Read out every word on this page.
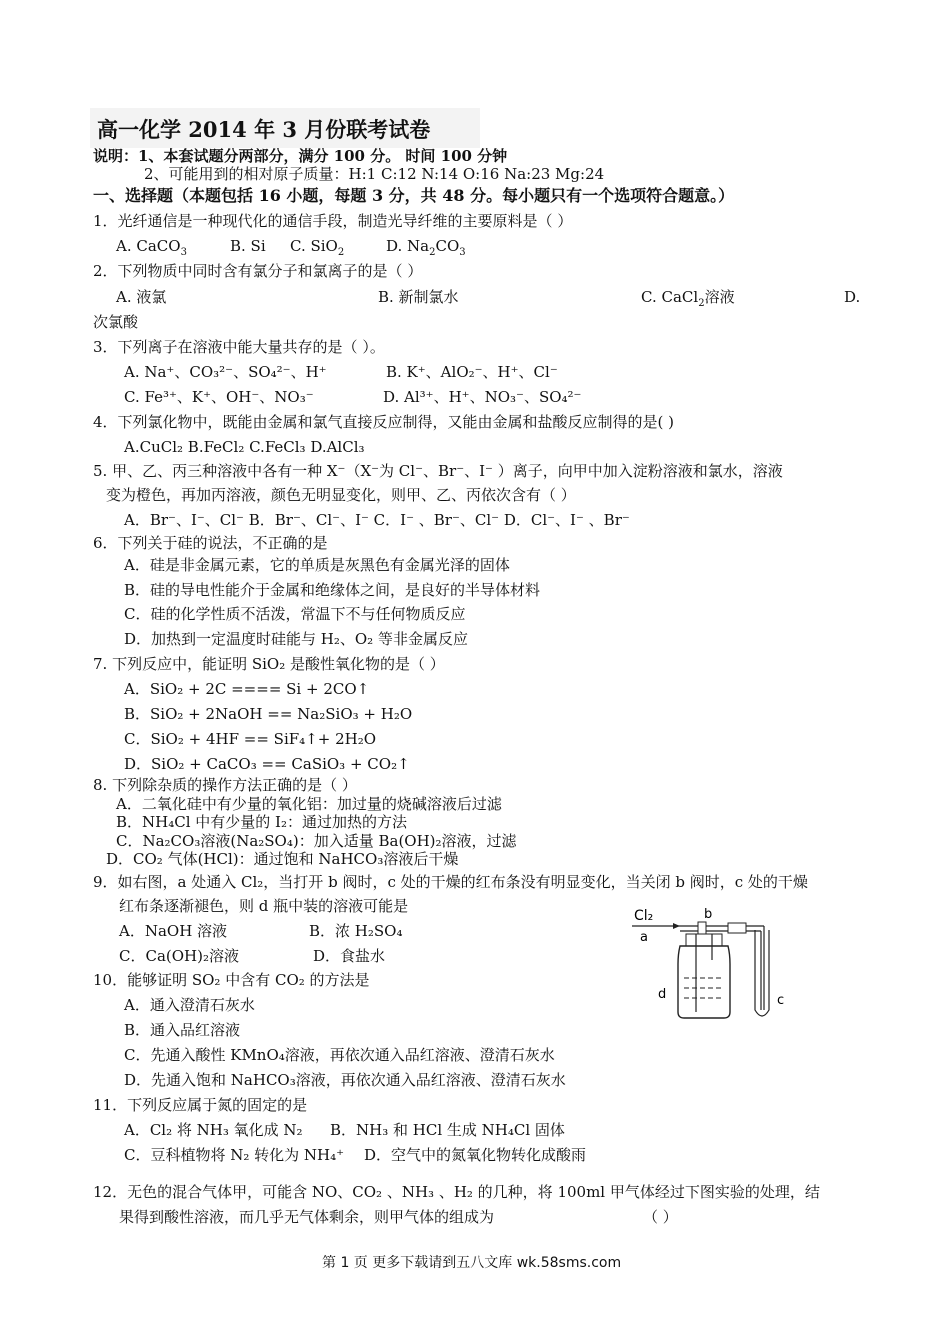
高一化学 2014 年 3 月份联考试卷
说明：1、本套试题分两部分，满分 100 分。 时间 100 分钟
2、可能用到的相对原子质量：H:1 C:12 N:14 O:16 Na:23 Mg:24
一、选择题（本题包括 16 小题，每题 3 分，共 48 分。每小题只有一个选项符合题意。）
1．光纤通信是一种现代化的通信手段，制造光导纤维的主要原料是（ ）
A. CaCO$_3$	B. Si C. SiO$_2$	D. $Na_2CO_3$
2．下列物质中同时含有氯分子和氯离子的是（ ）
A. 液氯	B. 新制氯水	C. CaCl$_2$溶液	D.
次氯酸
3．下列离子在溶液中能大量共存的是（ ）。
A. Na⁺、CO₃²⁻、SO₄²⁻、H⁺	B. K⁺、AlO₂⁻、H⁺、Cl⁻
C. Fe³⁺、K⁺、OH⁻、NO₃⁻	D. Al³⁺、H⁺、NO₃⁻、SO₄²⁻
4．下列氯化物中，既能由金属和氯气直接反应制得，又能由金属和盐酸反应制得的是( )
A.CuCl₂ B.FeCl₂ C.FeCl₃ D.AlCl₃
5. 甲、乙、丙三种溶液中各有一种 X⁻（X⁻为 Cl⁻、Br⁻、I⁻ ）离子，向甲中加入淀粉溶液和氯水，溶液
变为橙色，再加丙溶液，颜色无明显变化，则甲、乙、丙依次含有（ ）
A．Br⁻、I⁻、Cl⁻ B．Br⁻、Cl⁻、I⁻ C．I⁻ 、Br⁻、Cl⁻ D．Cl⁻、I⁻ 、Br⁻
6．下列关于硅的说法，不正确的是
A．硅是非金属元素，它的单质是灰黑色有金属光泽的固体
B．硅的导电性能介于金属和绝缘体之间，是良好的半导体材料
C．硅的化学性质不活泼，常温下不与任何物质反应
D．加热到一定温度时硅能与 H₂、O₂ 等非金属反应
7. 下列反应中，能证明 SiO₂ 是酸性氧化物的是（ ）
A．SiO₂ + 2C ==== Si + 2CO↑
B．SiO₂ + 2NaOH == Na₂SiO₃ + H₂O
C．SiO₂ + 4HF == SiF₄↑+ 2H₂O
D．SiO₂ + CaCO₃ == CaSiO₃ + CO₂↑
8. 下列除杂质的操作方法正确的是（ ）
A．二氧化硅中有少量的氧化铝：加过量的烧碱溶液后过滤
B．NH₄Cl 中有少量的 I₂：通过加热的方法
C．Na₂CO₃溶液(Na₂SO₄)：加入适量 Ba(OH)₂溶液，过滤
D．CO₂ 气体(HCl)：通过饱和 NaHCO₃溶液后干燥
9．如右图，a 处通入 Cl₂，当打开 b 阀时，c 处的干燥的红布条没有明显变化，当关闭 b 阀时，c 处的干燥
红布条逐渐褪色，则 d 瓶中装的溶液可能是
A．NaOH 溶液	B．浓 H₂SO₄
C．Ca(OH)₂溶液	D．食盐水
Cl₂
a
b
c
d
10．能够证明 SO₂ 中含有 CO₂ 的方法是
A．通入澄清石灰水
B．通入品红溶液
C．先通入酸性 KMnO₄溶液，再依次通入品红溶液、澄清石灰水
D．先通入饱和 NaHCO₃溶液，再依次通入品红溶液、澄清石灰水
11．下列反应属于氮的固定的是
A．Cl₂ 将 NH₃ 氧化成 N₂ B．NH₃ 和 HCl 生成 NH₄Cl 固体
C．豆科植物将 N₂ 转化为 NH₄⁺ D．空气中的氮氧化物转化成酸雨
12．无色的混合气体甲，可能含 NO、CO₂ 、NH₃ 、H₂ 的几种，将 100ml 甲气体经过下图实验的处理，结
果得到酸性溶液，而几乎无气体剩余，则甲气体的组成为	（ ）
第 1 页 更多下载请到五八文库 wk.58sms.com
